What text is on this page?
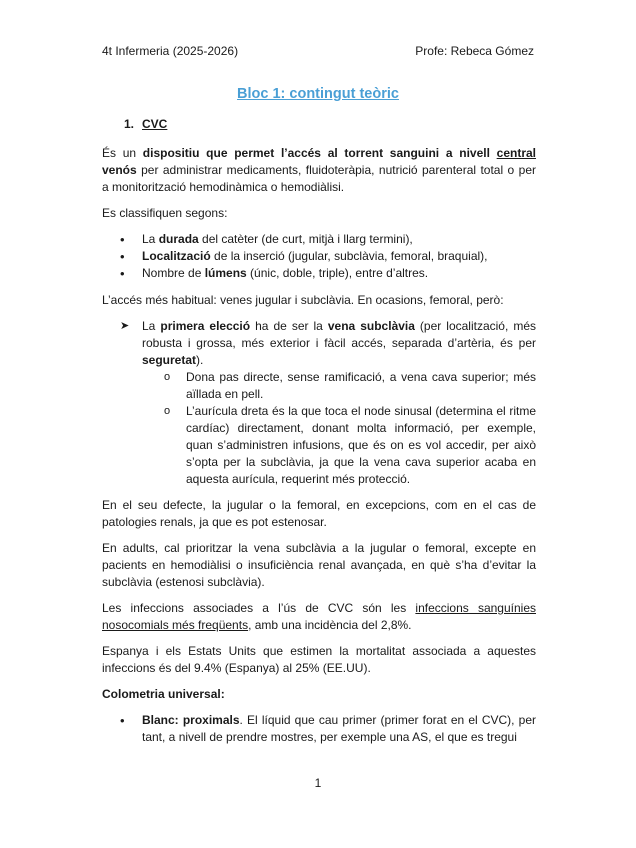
4t Infermeria (2025-2026)	Profe: Rebeca Gómez
Bloc 1: contingut teòric
1. CVC

És un dispositiu que permet l’accés al torrent sanguini a nivell central venós per administrar medicaments, fluidoteràpia, nutrició parenteral total o per a monitorització hemodinàmica o hemodiàlisi.

Es classifiquen segons:

• La durada del catèter (de curt, mitjà i llarg termini),
• Localització de la inserció (jugular, subclàvia, femoral, braquial),
• Nombre de lúmens (únic, doble, triple), entre d’altres.

L’accés més habitual: venes jugular i subclàvia. En ocasions, femoral, però:

➤ La primera elecció ha de ser la vena subclàvia (per localització, més robusta i grossa, més exterior i fàcil accés, separada d’artèria, és per seguretat).
o Dona pas directe, sense ramificació, a vena cava superior; més aïllada en pell.
o L’aurícula dreta és la que toca el node sinusal (determina el ritme cardíac) directament, donant molta informació, per exemple, quan s’administren infusions, que és on es vol accedir, per això s’opta per la subclàvia, ja que la vena cava superior acaba en aquesta aurícula, requerint més protecció.

En el seu defecte, la jugular o la femoral, en excepcions, com en el cas de patologies renals, ja que es pot estenosar.

En adults, cal prioritzar la vena subclàvia a la jugular o femoral, excepte en pacients en hemodiàlisi o insuficiència renal avançada, en què s’ha d’evitar la subclàvia (estenosi subclàvia).

Les infeccions associades a l’ús de CVC són les infeccions sanguínies nosocomials més freqüents, amb una incidència del 2,8%.

Espanya i els Estats Units que estimen la mortalitat associada a aquestes infeccions és del 9.4% (Espanya) al 25% (EE.UU).

Colometria universal:

• Blanc: proximals. El líquid que cau primer (primer forat en el CVC), per tant, a nivell de prendre mostres, per exemple una AS, el que es tregui
1
